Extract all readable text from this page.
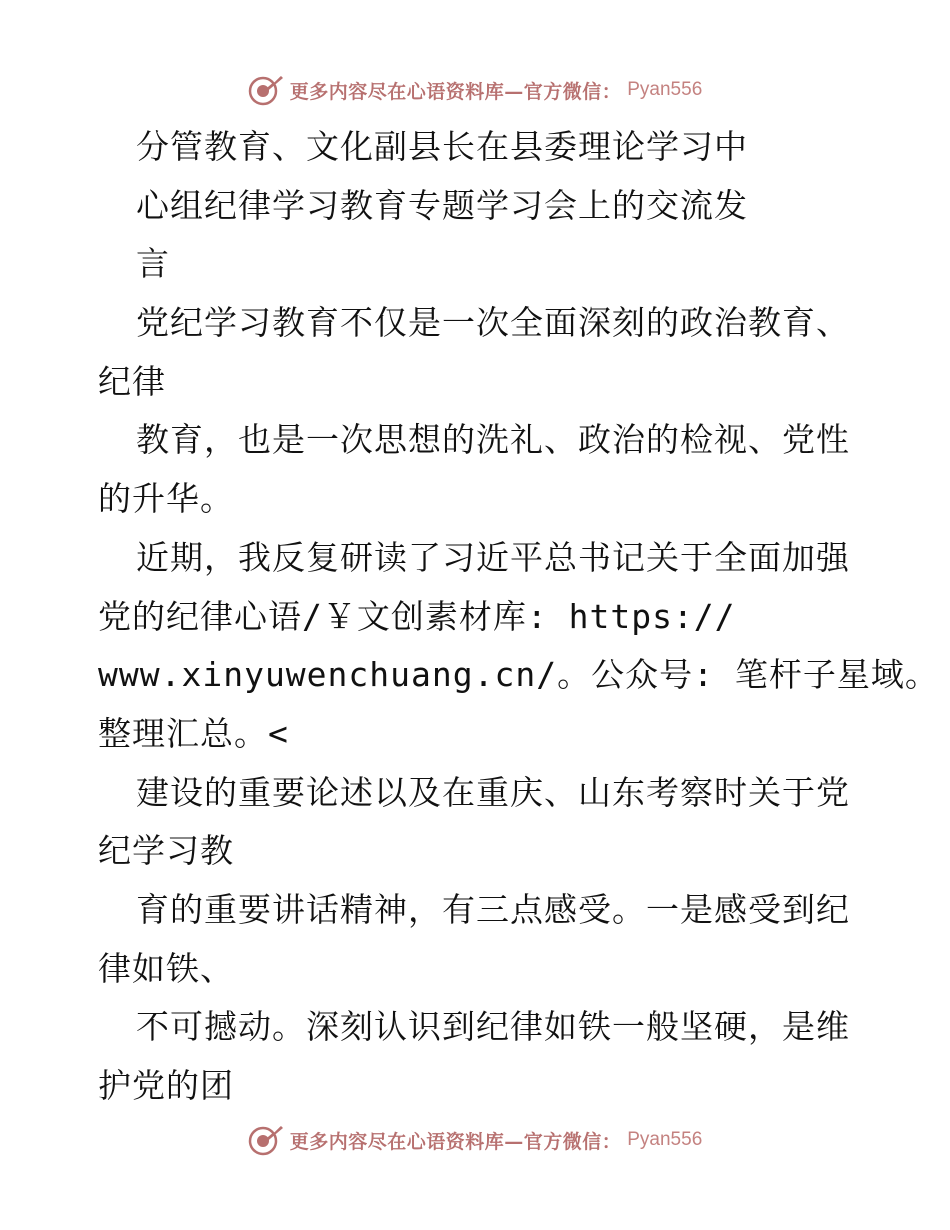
更多内容尽在心语资料库—官方微信： Pyan556
分管教育、文化副县长在县委理论学习中
心组纪律学习教育专题学习会上的交流发
言
党纪学习教育不仅是一次全面深刻的政治教育、
纪律
教育，也是一次思想的洗礼、政治的检视、党性
的升华。
近期，我反复研读了习近平总书记关于全面加强
党的纪律心语/￥文创素材库: https://
www.xinyuwenchuang.cn/。公众号: 笔杆子星域。
整理汇总。<
建设的重要论述以及在重庆、山东考察时关于党
纪学习教
育的重要讲话精神，有三点感受。一是感受到纪
律如铁、
不可撼动。深刻认识到纪律如铁一般坚硬，是维
护党的团
更多内容尽在心语资料库—官方微信： Pyan556
